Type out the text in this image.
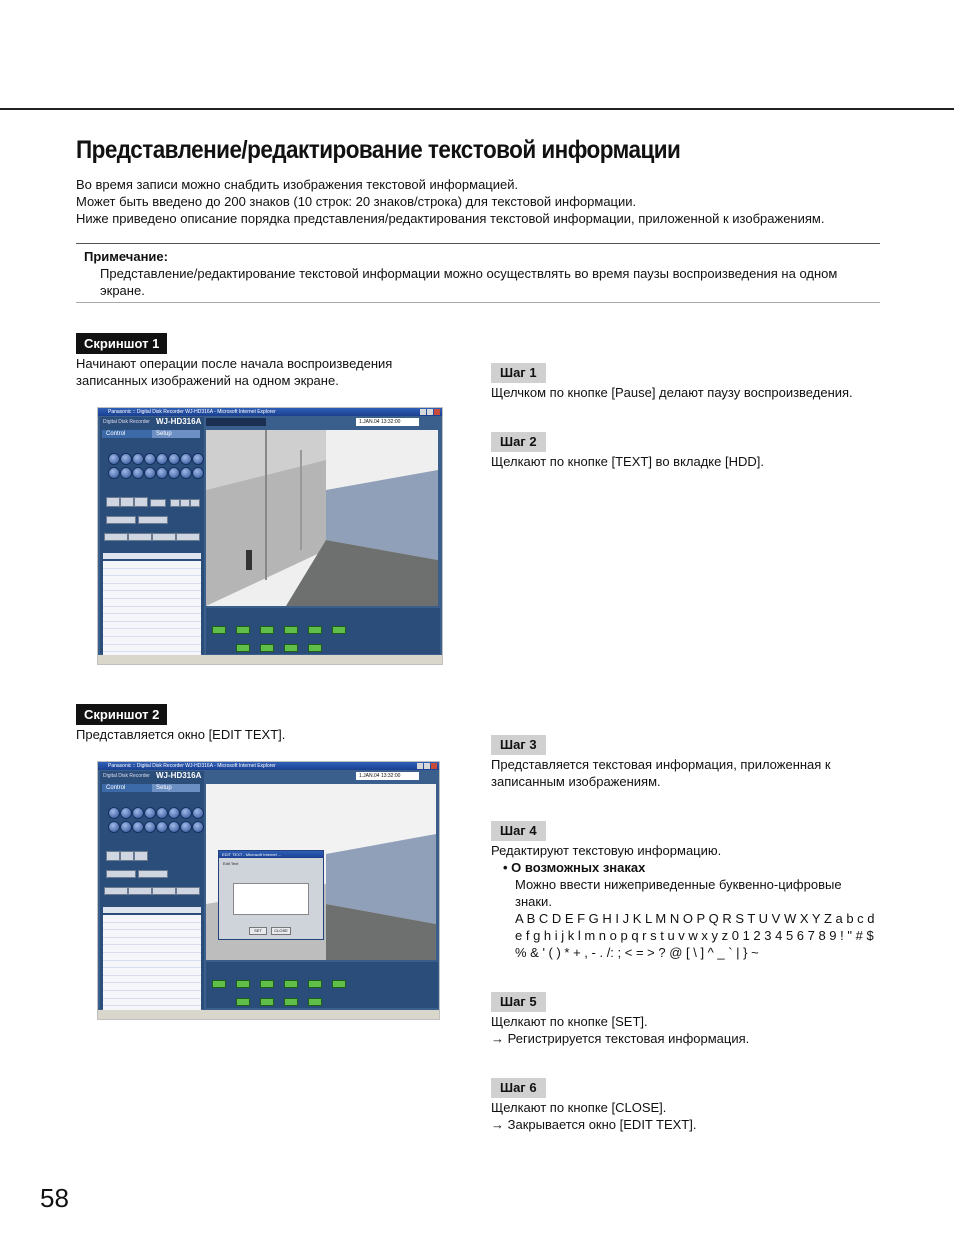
Представление/редактирование текстовой информации
Во время записи можно снабдить изображения текстовой информацией.
Может быть введено до 200 знаков (10 строк: 20 знаков/строка) для текстовой информации.
Ниже приведено описание порядка представления/редактирования текстовой информации, приложенной к изображениям.
Примечание:
Представление/редактирование текстовой информации можно осуществлять во время паузы воспроизведения на одном экране.
Скриншот 1
Начинают операции после начала воспроизведения
записанных изображений на одном экране.
Panasonic :: Digital Disk Recorder WJ-HD316A - Microsoft Internet Explorer
Digital Disk Recorder WJ-HD316A
Control	Setup
1.JAN.04 13:32:00
Скриншот 2
Представляется окно [EDIT TEXT].
Panasonic :: Digital Disk Recorder WJ-HD316A - Microsoft Internet Explorer
Digital Disk Recorder WJ-HD316A
Control	Setup
1.JAN.04 13:32:00
EDIT TEXT - Microsoft Internet ...
Edit Text
SET	CLOSE
Шаг 1
Щелчком по кнопке [Pause] делают паузу воспроизведения.
Шаг 2
Щелкают по кнопке [TEXT] во вкладке [HDD].
Шаг 3
Представляется текстовая информация, приложенная к
записанным изображениям.
Шаг 4
Редактируют текстовую информацию.
• О возможных знаках
Можно ввести нижеприведенные буквенно-цифровые
знаки.
A B C D E F G H I J K L M N O P Q R S T U V W X Y Z a b c d
e f g h i j k l m n o p q r s t u v w x y z 0 1 2 3 4 5 6 7 8 9 ! " # $
% & ' ( ) * + , - . /: ; < = > ? @ [ \ ] ^ _ ` | } ~
Шаг 5
Щелкают по кнопке [SET].
→ Регистрируется текстовая информация.
Шаг 6
Щелкают по кнопке [CLOSE].
→ Закрывается окно [EDIT TEXT].
58
